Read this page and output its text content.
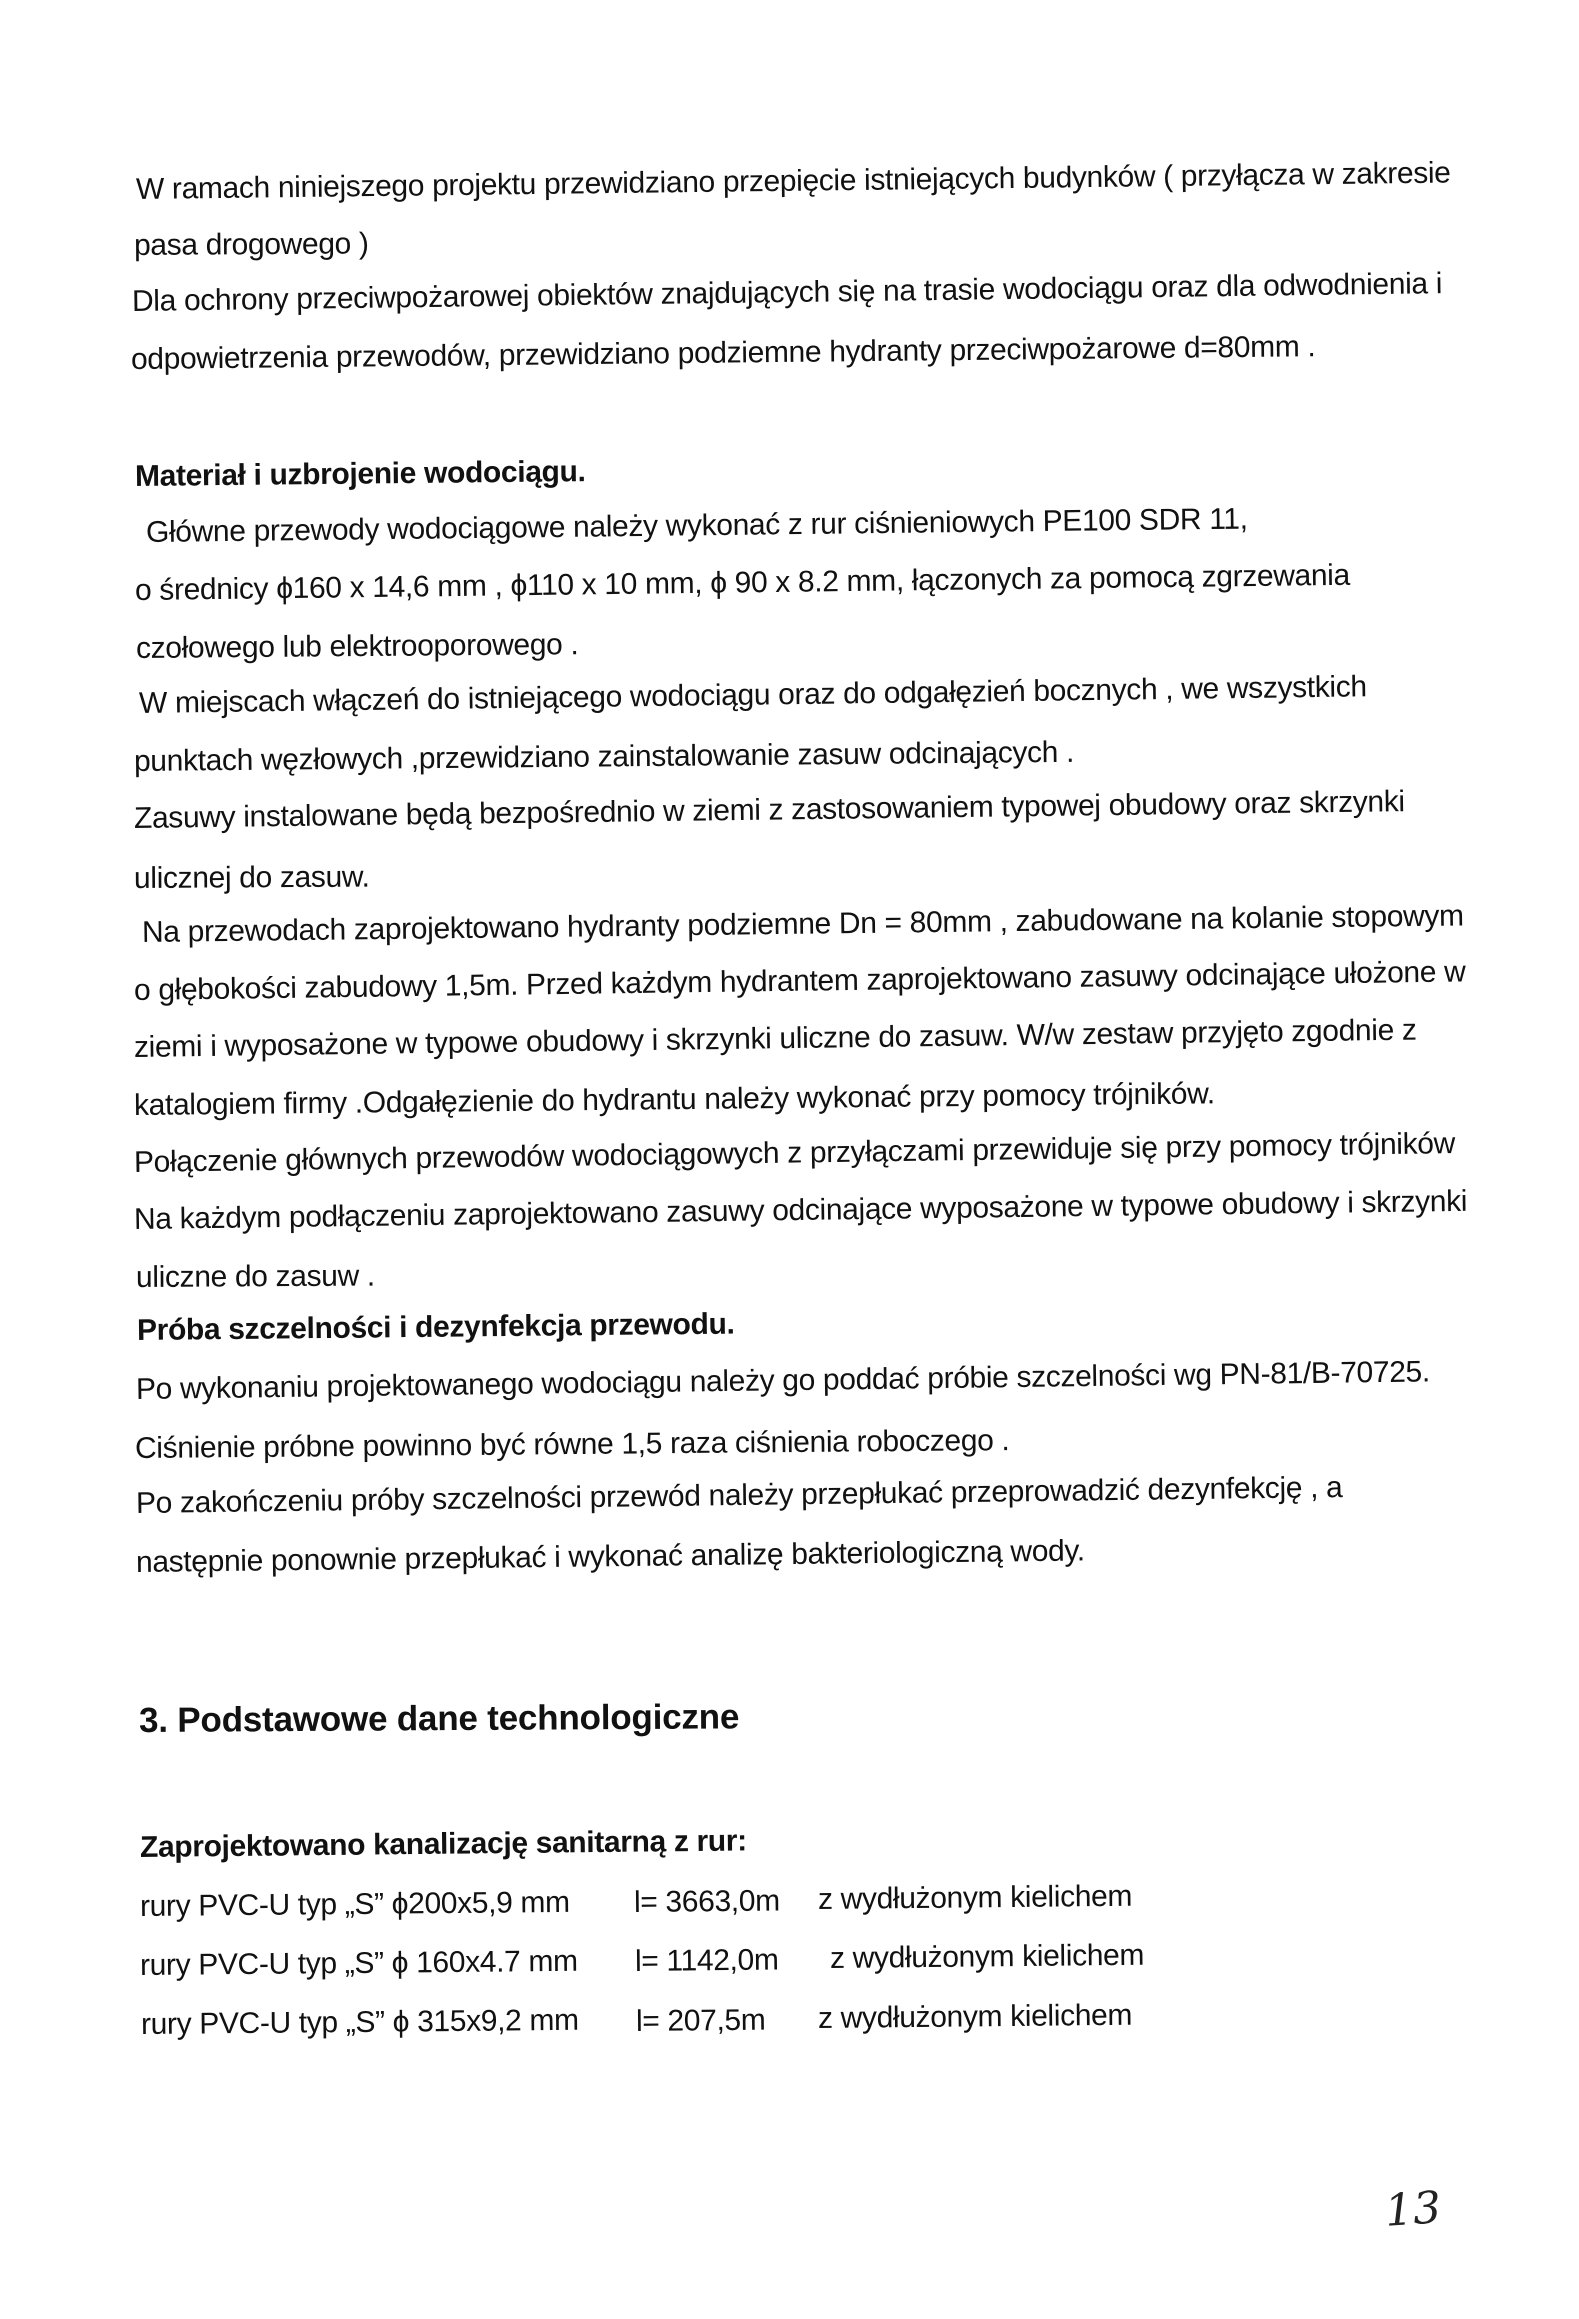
W ramach niniejszego projektu przewidziano przepięcie istniejących budynków ( przyłącza w zakresie
pasa drogowego )
Dla ochrony przeciwpożarowej obiektów znajdujących się na trasie wodociągu oraz dla odwodnienia i
odpowietrzenia przewodów, przewidziano podziemne hydranty przeciwpożarowe d=80mm .
Materiał i uzbrojenie wodociągu.
Główne przewody wodociągowe należy wykonać z rur ciśnieniowych PE100 SDR 11,
o średnicy ϕ160 x 14,6 mm , ϕ110 x 10 mm, ϕ 90 x 8.2 mm, łączonych za pomocą zgrzewania
czołowego lub elektrooporowego .
W miejscach włączeń do istniejącego wodociągu oraz do odgałęzień bocznych , we wszystkich
punktach węzłowych ,przewidziano zainstalowanie zasuw odcinających .
Zasuwy instalowane będą bezpośrednio w ziemi z zastosowaniem typowej obudowy oraz skrzynki
ulicznej do zasuw.
Na przewodach zaprojektowano hydranty podziemne Dn = 80mm , zabudowane na kolanie stopowym
o głębokości zabudowy 1,5m. Przed każdym hydrantem zaprojektowano zasuwy odcinające ułożone w
ziemi i wyposażone w typowe obudowy i skrzynki uliczne do zasuw. W/w zestaw przyjęto zgodnie z
katalogiem firmy .Odgałęzienie do hydrantu należy wykonać przy pomocy trójników.
Połączenie głównych przewodów wodociągowych z przyłączami przewiduje się przy pomocy trójników
Na każdym podłączeniu zaprojektowano zasuwy odcinające wyposażone w typowe obudowy i skrzynki
uliczne do zasuw .
Próba szczelności i dezynfekcja przewodu.
Po wykonaniu projektowanego wodociągu należy go poddać próbie szczelności wg PN-81/B-70725.
Ciśnienie próbne powinno być równe 1,5 raza ciśnienia roboczego .
Po zakończeniu próby szczelności przewód należy przepłukać przeprowadzić dezynfekcję , a
następnie ponownie przepłukać i wykonać analizę bakteriologiczną wody.
3. Podstawowe dane technologiczne
Zaprojektowano kanalizację sanitarną z rur:
rury PVC-U typ „S” ϕ200x5,9 mm l= 3663,0m z wydłużonym kielichem
rury PVC-U typ „S” ϕ 160x4.7 mm l= 1142,0m z wydłużonym kielichem
rury PVC-U typ „S” ϕ 315x9,2 mm l= 207,5m z wydłużonym kielichem
13
